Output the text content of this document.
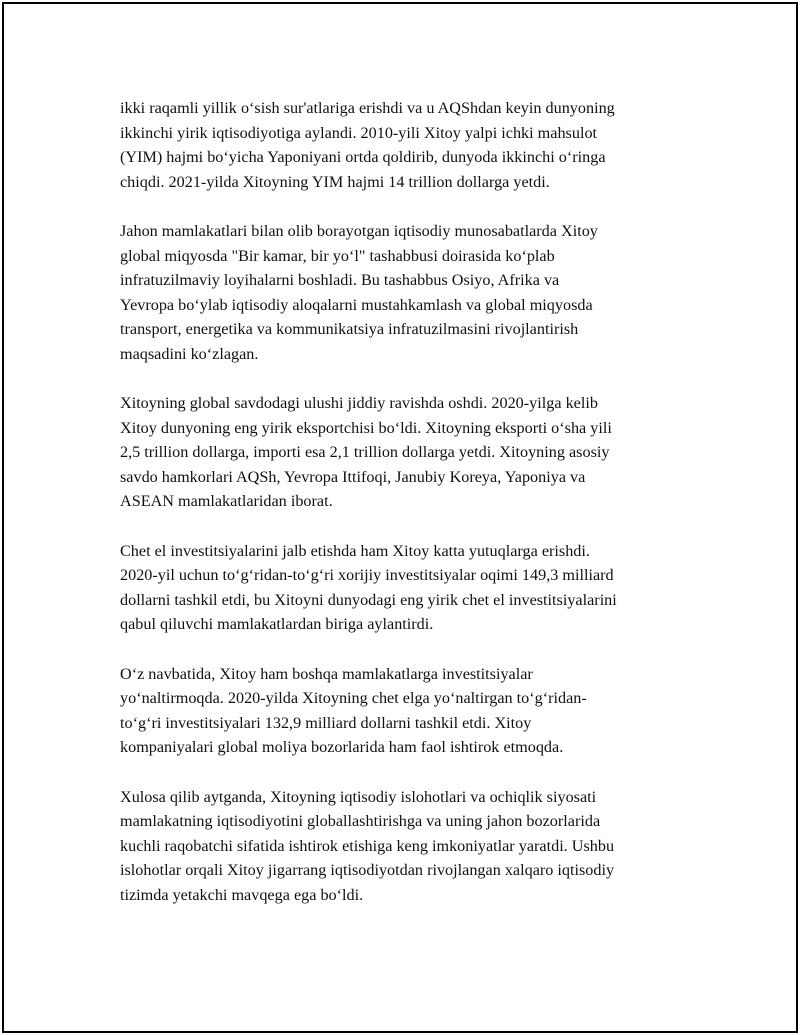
ikki raqamli yillik o‘sish sur'atlariga erishdi va u AQShdan keyin dunyoning
ikkinchi yirik iqtisodiyotiga aylandi. 2010-yili Xitoy yalpi ichki mahsulot
(YIM) hajmi bo‘yicha Yaponiyani ortda qoldirib, dunyoda ikkinchi o‘ringa
chiqdi. 2021-yilda Xitoyning YIM hajmi 14 trillion dollarga yetdi.

Jahon mamlakatlari bilan olib borayotgan iqtisodiy munosabatlarda Xitoy
global miqyosda "Bir kamar, bir yo‘l" tashabbusi doirasida ko‘plab
infratuzilmaviy loyihalarni boshladi. Bu tashabbus Osiyo, Afrika va
Yevropa bo‘ylab iqtisodiy aloqalarni mustahkamlash va global miqyosda
transport, energetika va kommunikatsiya infratuzilmasini rivojlantirish
maqsadini ko‘zlagan.

Xitoyning global savdodagi ulushi jiddiy ravishda oshdi. 2020-yilga kelib
Xitoy dunyoning eng yirik eksportchisi bo‘ldi. Xitoyning eksporti o‘sha yili
2,5 trillion dollarga, importi esa 2,1 trillion dollarga yetdi. Xitoyning asosiy
savdo hamkorlari AQSh, Yevropa Ittifoqi, Janubiy Koreya, Yaponiya va
ASEAN mamlakatlaridan iborat.

Chet el investitsiyalarini jalb etishda ham Xitoy katta yutuqlarga erishdi.
2020-yil uchun to‘g‘ridan-to‘g‘ri xorijiy investitsiyalar oqimi 149,3 milliard
dollarni tashkil etdi, bu Xitoyni dunyodagi eng yirik chet el investitsiyalarini
qabul qiluvchi mamlakatlardan biriga aylantirdi.

O‘z navbatida, Xitoy ham boshqa mamlakatlarga investitsiyalar
yo‘naltirmoqda. 2020-yilda Xitoyning chet elga yo‘naltirgan to‘g‘ridan-
to‘g‘ri investitsiyalari 132,9 milliard dollarni tashkil etdi. Xitoy
kompaniyalari global moliya bozorlarida ham faol ishtirok etmoqda.

Xulosa qilib aytganda, Xitoyning iqtisodiy islohotlari va ochiqlik siyosati
mamlakatning iqtisodiyotini globallashtirishga va uning jahon bozorlarida
kuchli raqobatchi sifatida ishtirok etishiga keng imkoniyatlar yaratdi. Ushbu
islohotlar orqali Xitoy jigarrang iqtisodiyotdan rivojlangan xalqaro iqtisodiy
tizimda yetakchi mavqega ega bo‘ldi.
